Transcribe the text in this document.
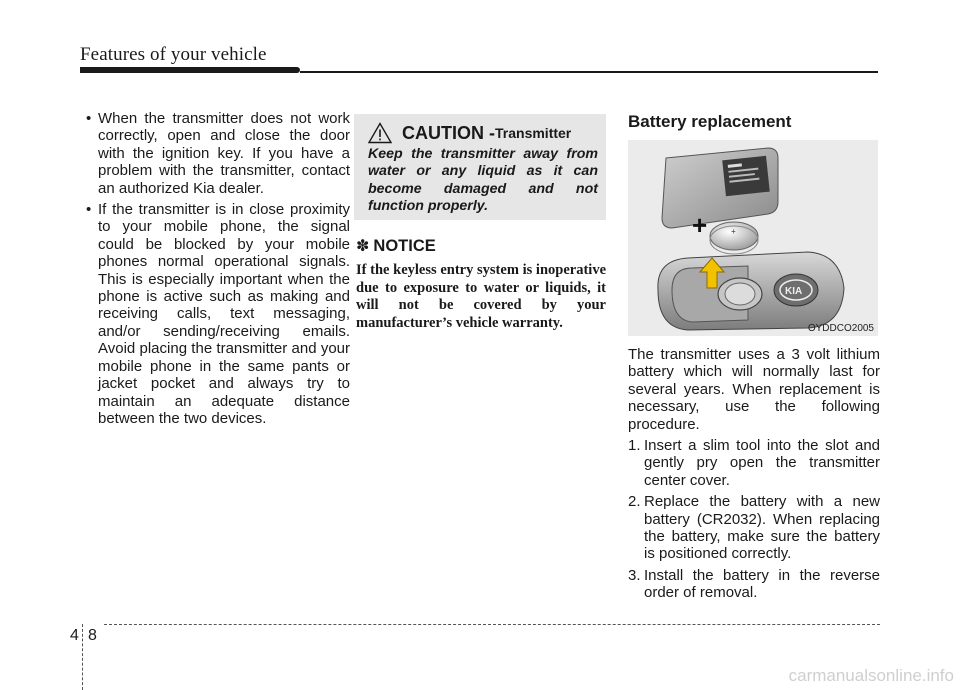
Features of your vehicle

• When the transmitter does not work correctly, open and close the door with the ignition key. If you have a problem with the transmitter, contact an authorized Kia dealer.

• If the transmitter is in close proximity to your mobile phone, the signal could be blocked by your mobile phones normal operational signals. This is especially important when the phone is active such as making and receiving calls, text messaging, and/or sending/receiving emails. Avoid placing the transmitter and your mobile phone in the same pants or jacket pocket and always try to maintain an adequate distance between the two devices.

CAUTION - Transmitter
Keep the transmitter away from water or any liquid as it can become damaged and not function properly.
✽ NOTICE
If the keyless entry system is inoperative due to exposure to water or liquids, it will not be covered by your manufacturer’s vehicle warranty.
Battery replacement
+	+
KIA
OYDDCO2005

The transmitter uses a 3 volt lithium battery which will normally last for several years. When replacement is necessary, use the following procedure.

1. Insert a slim tool into the slot and gently pry open the transmitter center cover.
2. Replace the battery with a new battery (CR2032). When replacing the battery, make sure the battery is positioned correctly.
3. Install the battery in the reverse order of removal.
4 8
carmanualsonline.info
